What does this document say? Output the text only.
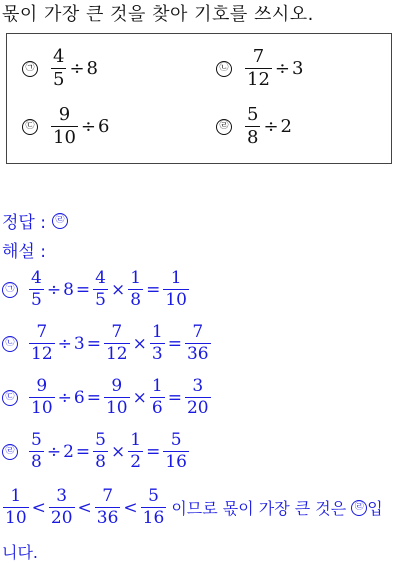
몫이 가장 큰 것을 찾아 기호를 쓰시오.
㉠ $\frac{4}{5} \div 8$	㉡ $\frac{7}{12} \div 3$
㉢ $\frac{9}{10} \div 6$	㉣ $\frac{5}{8} \div 2$
정답 :	㉣
해설 :
㉠ $\frac{4}{5} \div 8 = \frac{4}{5} \times \frac{1}{8} = \frac{1}{10}$
㉡ $\frac{7}{12} \div 3 = \frac{7}{12} \times \frac{1}{3} = \frac{7}{36}$
㉢ $\frac{9}{10} \div 6 = \frac{9}{10} \times \frac{1}{6} = \frac{3}{20}$
㉣ $\frac{5}{8} \div 2 = \frac{5}{8} \times \frac{1}{2} = \frac{5}{16}$
$\frac{1}{10} < \frac{3}{20} < \frac{7}{36} < \frac{5}{16}$ 이므로 몫이 가장 큰 것은 ㉣ 입
니다.
